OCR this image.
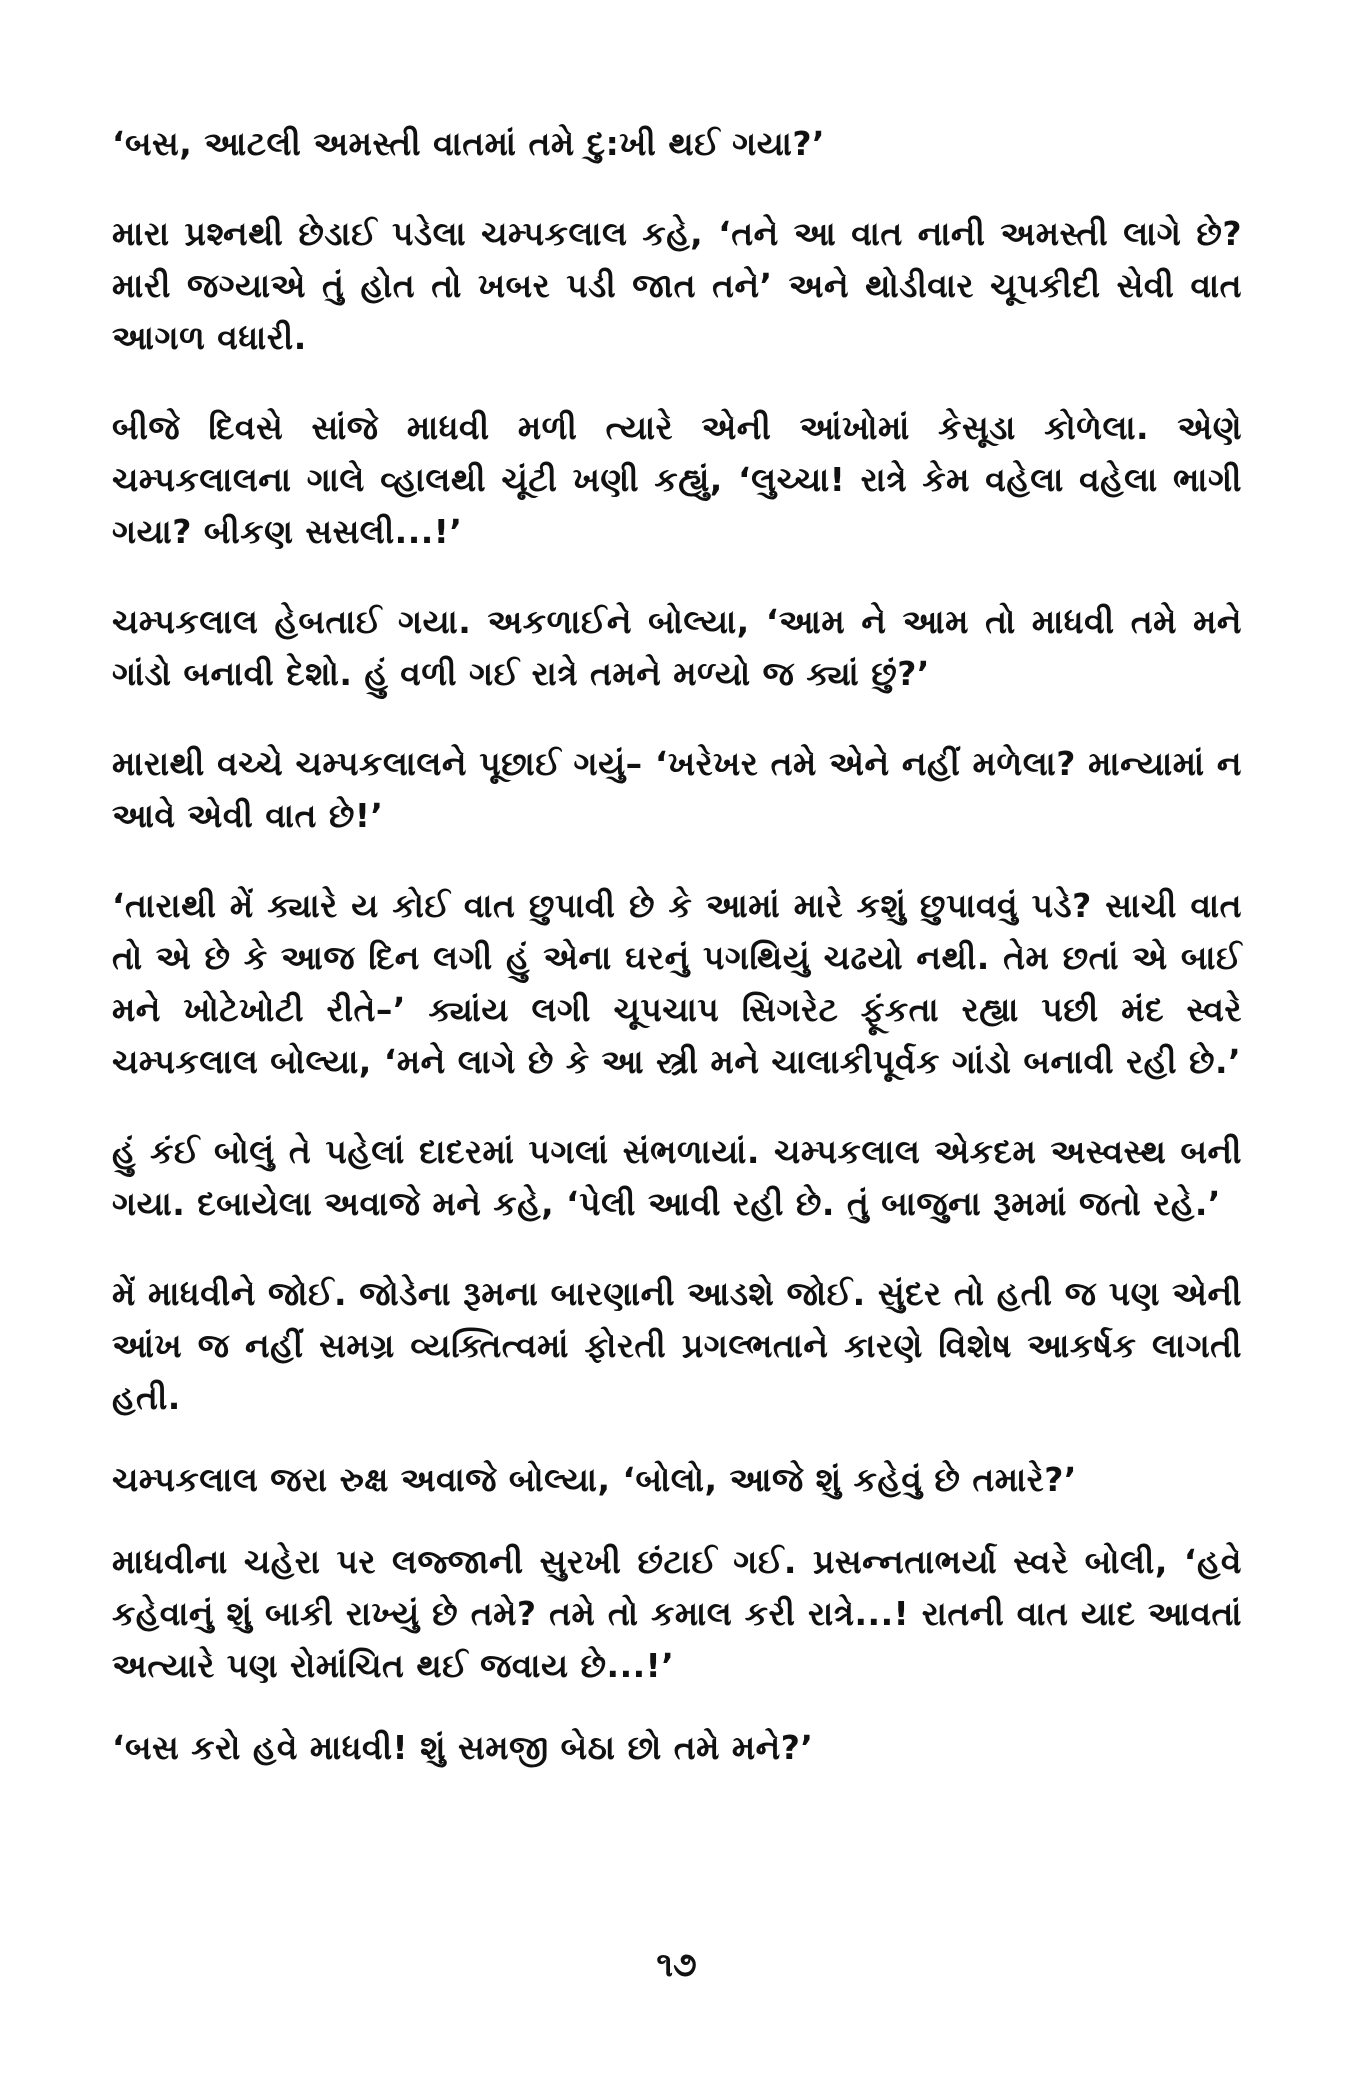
‘બસ, આટલી અમસ્તી વાતમાં તમે દુ:ખી થઈ ગયા?’

મારા પ્રશ્નથી છેડાઈ પડેલા ચમ્પકલાલ કહે, ‘તને આ વાત નાની અમસ્તી લાગે છે? મારી જગ્યાએ તું હોત તો ખબર પડી જાત તને’ અને થોડીવાર ચૂપકીદી સેવી વાત આગળ વધારી.

બીજે દિવસે સાંજે માધવી મળી ત્યારે એની આંખોમાં કેસૂડા કોળેલા. એણે ચમ્પકલાલના ગાલે વ્હાલથી ચૂંટી ખણી કહ્યું, ‘લુચ્ચા! રાત્રે કેમ વહેલા વહેલા ભાગી ગયા? બીકણ સસલી...!’

ચમ્પકલાલ હેબતાઈ ગયા. અકળાઈને બોલ્યા, ‘આમ ને આમ તો માધવી તમે મને ગાંડો બનાવી દેશો. હું વળી ગઈ રાત્રે તમને મળ્યો જ ક્યાં છું?’

મારાથી વચ્ચે ચમ્પકલાલને પૂછાઈ ગયું– ‘ખરેખર તમે એને નહીં મળેલા? માન્યામાં ન આવે એવી વાત છે!’

‘તારાથી મેં ક્યારે ય કોઈ વાત છુપાવી છે કે આમાં મારે કશું છુપાવવું પડે? સાચી વાત તો એ છે કે આજ દિન લગી હું એના ઘરનું પગથિયું ચઢયો નથી. તેમ છતાં એ બાઈ મને ખોટેખોટી રીતે–’ ક્યાંય લગી ચૂપચાપ સિગરેટ ફૂંકતા રહ્યા પછી મંદ સ્વરે ચમ્પકલાલ બોલ્યા, ‘મને લાગે છે કે આ સ્ત્રી મને ચાલાકીપૂર્વક ગાંડો બનાવી રહી છે.’

હું કંઈ બોલું તે પહેલાં દાદરમાં પગલાં સંભળાયાં. ચમ્પકલાલ એકદમ અસ્વસ્થ બની ગયા. દબાયેલા અવાજે મને કહે, ‘પેલી આવી રહી છે. તું બાજુના રૂમમાં જતો રહે.’

મેં માધવીને જોઈ. જોડેના રૂમના બારણાની આડશે જોઈ. સુંદર તો હતી જ પણ એની આંખ જ નહીં સમગ્ર વ્યક્તિત્વમાં ફોરતી પ્રગલ્ભતાને કારણે વિશેષ આકર્ષક લાગતી હતી.

ચમ્પકલાલ જરા રુક્ષ અવાજે બોલ્યા, ‘બોલો, આજે શું કહેવું છે તમારે?’

માધવીના ચહેરા પર લજ્જાની સુરખી છંટાઈ ગઈ. પ્રસન્નતાભર્યા સ્વરે બોલી, ‘હવે કહેવાનું શું બાકી રાખ્યું છે તમે? તમે તો કમાલ કરી રાત્રે...! રાતની વાત યાદ આવતાં અત્યારે પણ રોમાંચિત થઈ જવાય છે...!’

‘બસ કરો હવે માધવી! શું સમજી બેઠા છો તમે મને?’

૧૭
